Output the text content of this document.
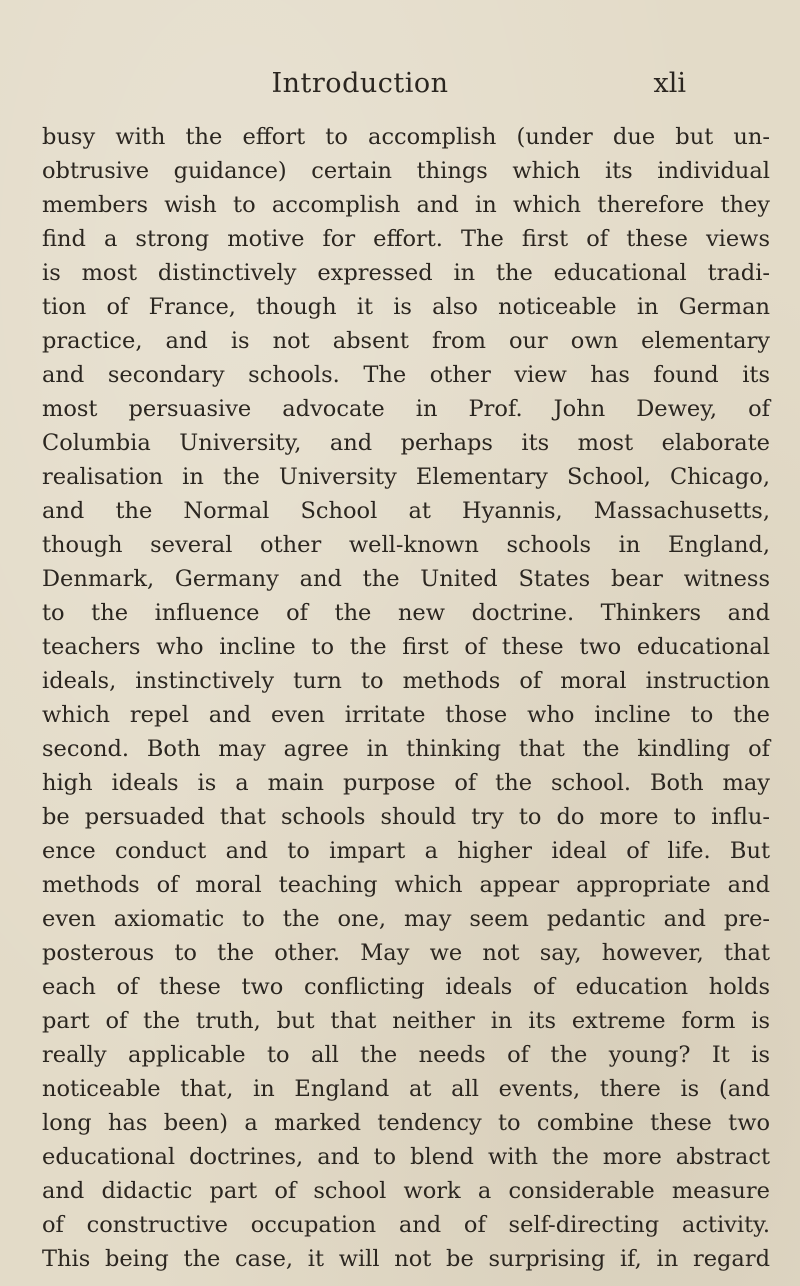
Introduction	xli
busy with the effort to accomplish (under due but un-
obtrusive guidance) certain things which its individual
members wish to accomplish and in which therefore they
find a strong motive for effort. The first of these views
is most distinctively expressed in the educational tradi-
tion of France, though it is also noticeable in German
practice, and is not absent from our own elementary
and secondary schools. The other view has found its
most persuasive advocate in Prof. John Dewey, of
Columbia University, and perhaps its most elaborate
realisation in the University Elementary School, Chicago,
and the Normal School at Hyannis, Massachusetts,
though several other well-known schools in England,
Denmark, Germany and the United States bear witness
to the influence of the new doctrine. Thinkers and
teachers who incline to the first of these two educational
ideals, instinctively turn to methods of moral instruction
which repel and even irritate those who incline to the
second. Both may agree in thinking that the kindling of
high ideals is a main purpose of the school. Both may
be persuaded that schools should try to do more to influ-
ence conduct and to impart a higher ideal of life. But
methods of moral teaching which appear appropriate and
even axiomatic to the one, may seem pedantic and pre-
posterous to the other. May we not say, however, that
each of these two conflicting ideals of education holds
part of the truth, but that neither in its extreme form is
really applicable to all the needs of the young? It is
noticeable that, in England at all events, there is (and
long has been) a marked tendency to combine these two
educational doctrines, and to blend with the more abstract
and didactic part of school work a considerable measure
of constructive occupation and of self-directing activity.
This being the case, it will not be surprising if, in regard
